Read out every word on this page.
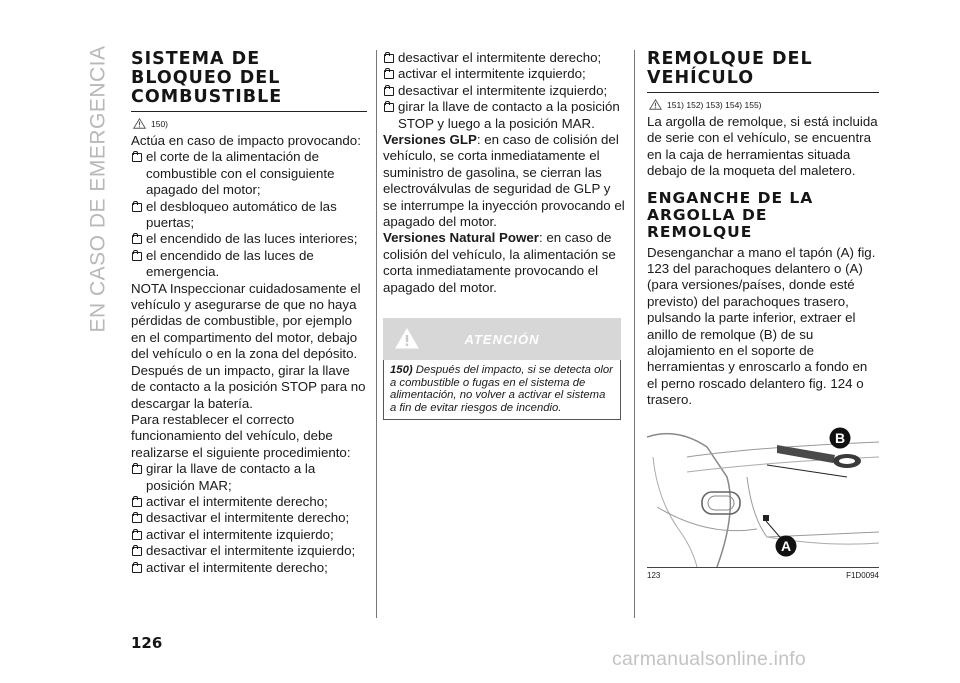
EN CASO DE EMERGENCIA SISTEMA DE BLOQUEO DEL COMBUSTIBLE
150)

Actúa en caso de impacto provocando:

el corte de la alimentación de combustible con el consiguiente apagado del motor;
el desbloqueo automático de las puertas;
el encendido de las luces interiores;
el encendido de las luces de emergencia.

NOTA Inspeccionar cuidadosamente el vehículo y asegurarse de que no haya pérdidas de combustible, por ejemplo en el compartimento del motor, debajo del vehículo o en la zona del depósito.

Después de un impacto, girar la llave de contacto a la posición STOP para no descargar la batería.

Para restablecer el correcto funcionamiento del vehículo, debe realizarse el siguiente procedimiento:

girar la llave de contacto a la posición MAR;
activar el intermitente derecho;
desactivar el intermitente derecho;
activar el intermitente izquierdo;
desactivar el intermitente izquierdo;
activar el intermitente derecho;
desactivar el intermitente derecho;
activar el intermitente izquierdo;
desactivar el intermitente izquierdo;
girar la llave de contacto a la posición STOP y luego a la posición MAR.

Versiones GLP: en caso de colisión del vehículo, se corta inmediatamente el suministro de gasolina, se cierran las electroválvulas de seguridad de GLP y se interrumpe la inyección provocando el apagado del motor.

Versiones Natural Power: en caso de colisión del vehículo, la alimentación se corta inmediatamente provocando el apagado del motor.

ATENCIÓN
150) Después del impacto, si se detecta olor a combustible o fugas en el sistema de alimentación, no volver a activar el sistema a fin de evitar riesgos de incendio.
REMOLQUE DEL VEHÍCULO
151) 152) 153) 154) 155)

La argolla de remolque, si está incluida de serie con el vehículo, se encuentra en la caja de herramientas situada debajo de la moqueta del maletero.

ENGANCHE DE LA ARGOLLA DE REMOLQUE

Desenganchar a mano el tapón (A) fig. 123 del parachoques delantero o (A) (para versiones/países, donde esté previsto) del parachoques trasero, pulsando la parte inferior, extraer el anillo de remolque (B) de su alojamiento en el soporte de herramientas y enroscarlo a fondo en el perno roscado delantero fig. 124 o trasero.

B
A
123	F1D0094
126
carmanualsonline.info
